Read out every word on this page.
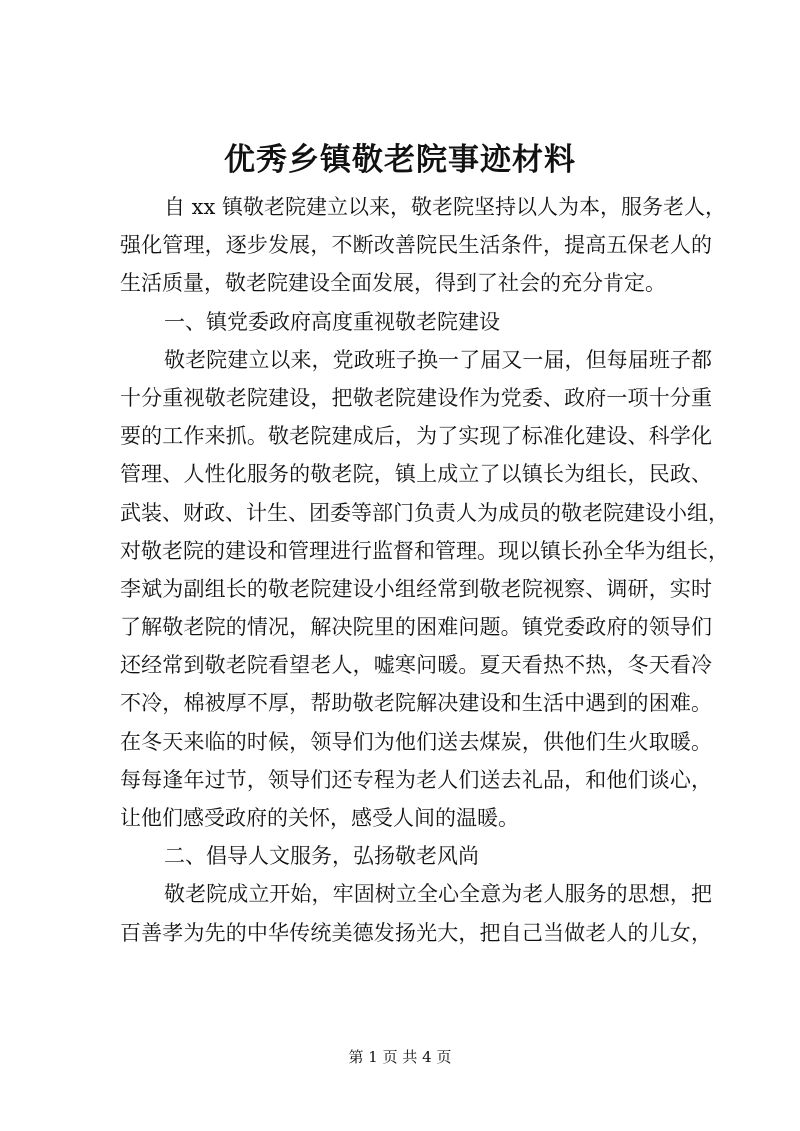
优秀乡镇敬老院事迹材料
自 xx 镇敬老院建立以来，敬老院坚持以人为本，服务老人，
强化管理，逐步发展，不断改善院民生活条件，提高五保老人的
生活质量，敬老院建设全面发展，得到了社会的充分肯定。
一、镇党委政府高度重视敬老院建设
敬老院建立以来，党政班子换一了届又一届，但每届班子都
十分重视敬老院建设，把敬老院建设作为党委、政府一项十分重
要的工作来抓。敬老院建成后，为了实现了标准化建设、科学化
管理、人性化服务的敬老院，镇上成立了以镇长为组长，民政、
武装、财政、计生、团委等部门负责人为成员的敬老院建设小组，
对敬老院的建设和管理进行监督和管理。现以镇长孙全华为组长，
李斌为副组长的敬老院建设小组经常到敬老院视察、调研，实时
了解敬老院的情况，解决院里的困难问题。镇党委政府的领导们
还经常到敬老院看望老人，嘘寒问暖。夏天看热不热，冬天看冷
不冷，棉被厚不厚，帮助敬老院解决建设和生活中遇到的困难。
在冬天来临的时候，领导们为他们送去煤炭，供他们生火取暖。
每每逢年过节，领导们还专程为老人们送去礼品，和他们谈心，
让他们感受政府的关怀，感受人间的温暖。
二、倡导人文服务，弘扬敬老风尚
敬老院成立开始，牢固树立全心全意为老人服务的思想，把
百善孝为先的中华传统美德发扬光大，把自己当做老人的儿女，
第 1 页 共 4 页
